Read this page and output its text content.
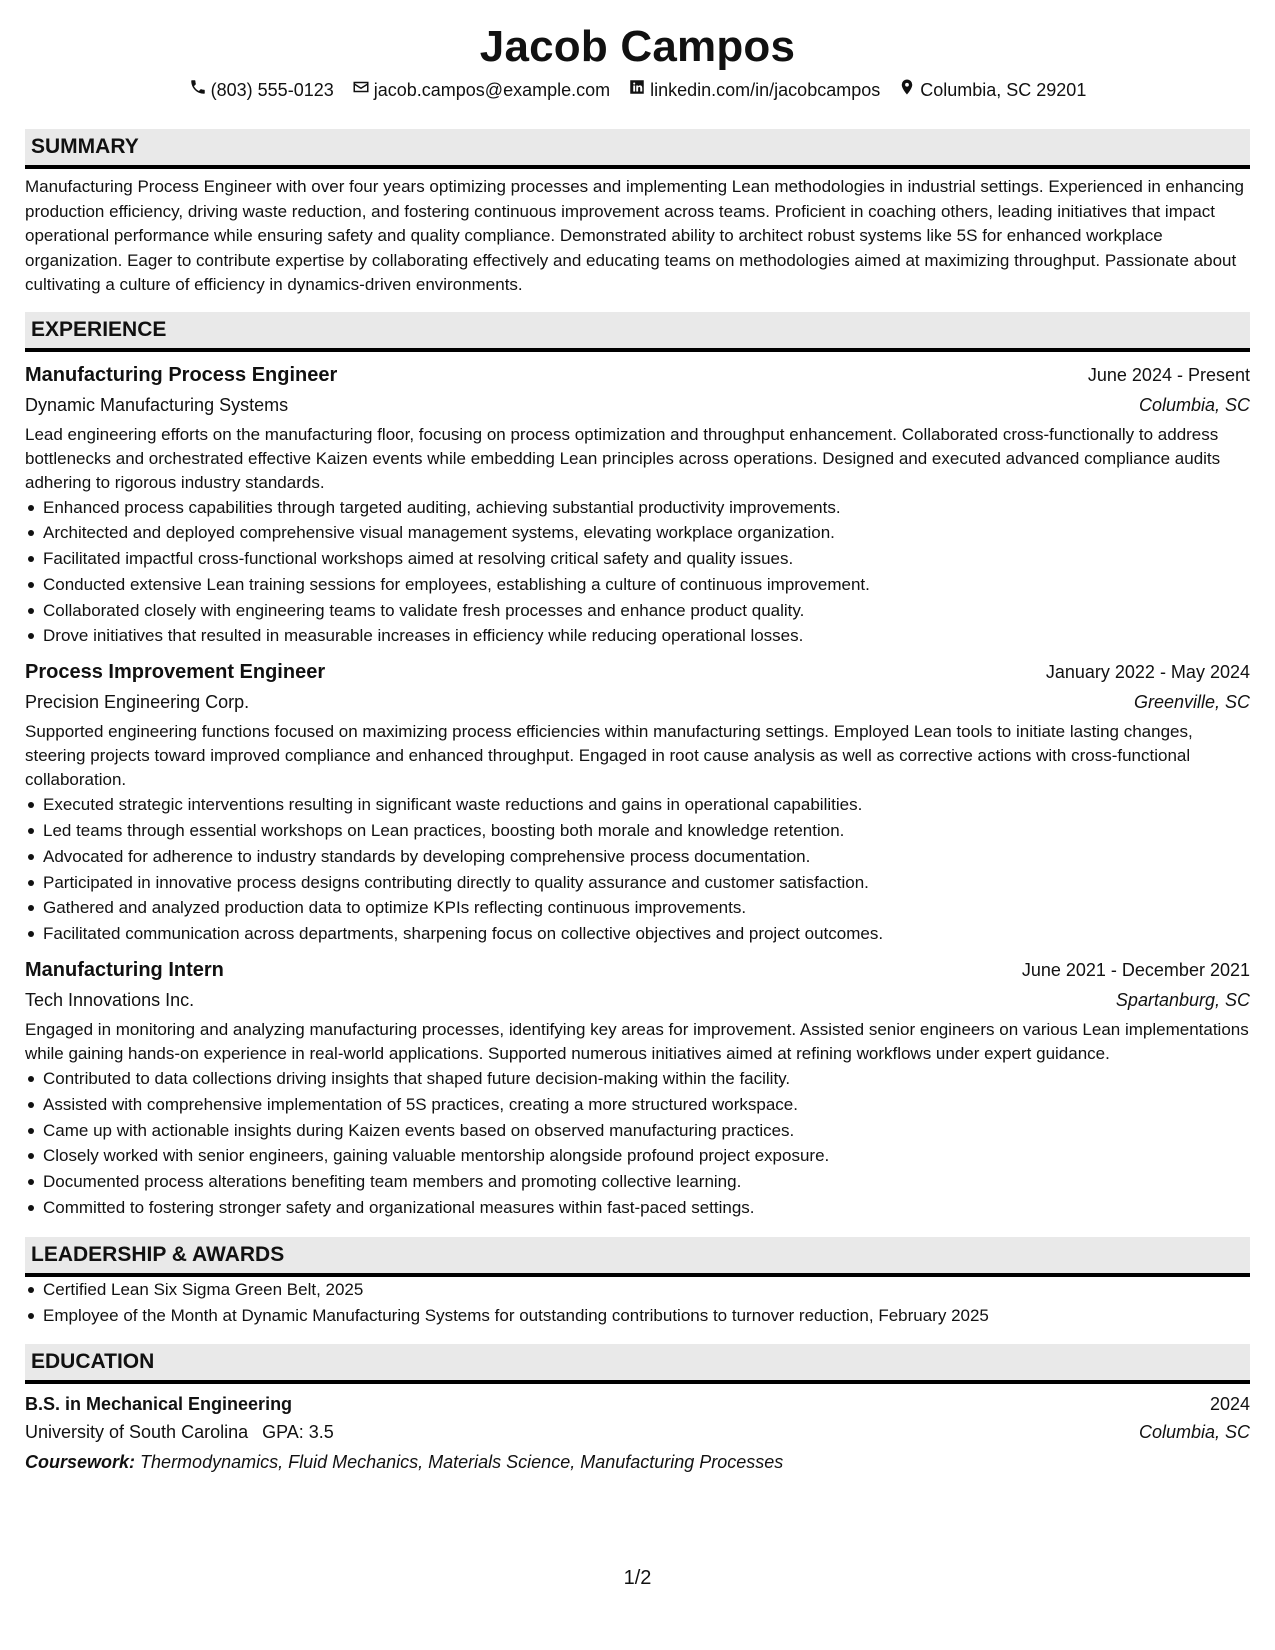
Jacob Campos
(803) 555-0123 jacob.campos@example.com linkedin.com/in/jacobcampos Columbia, SC 29201
SUMMARY
Manufacturing Process Engineer with over four years optimizing processes and implementing Lean methodologies in industrial settings. Experienced in enhancing production efficiency, driving waste reduction, and fostering continuous improvement across teams. Proficient in coaching others, leading initiatives that impact operational performance while ensuring safety and quality compliance. Demonstrated ability to architect robust systems like 5S for enhanced workplace organization. Eager to contribute expertise by collaborating effectively and educating teams on methodologies aimed at maximizing throughput. Passionate about cultivating a culture of efficiency in dynamics-driven environments.
EXPERIENCE
Manufacturing Process Engineer	June 2024 - Present
Dynamic Manufacturing Systems	Columbia, SC
Lead engineering efforts on the manufacturing floor, focusing on process optimization and throughput enhancement. Collaborated cross-functionally to address bottlenecks and orchestrated effective Kaizen events while embedding Lean principles across operations. Designed and executed advanced compliance audits adhering to rigorous industry standards.
Enhanced process capabilities through targeted auditing, achieving substantial productivity improvements.
Architected and deployed comprehensive visual management systems, elevating workplace organization.
Facilitated impactful cross-functional workshops aimed at resolving critical safety and quality issues.
Conducted extensive Lean training sessions for employees, establishing a culture of continuous improvement.
Collaborated closely with engineering teams to validate fresh processes and enhance product quality.
Drove initiatives that resulted in measurable increases in efficiency while reducing operational losses.
Process Improvement Engineer	January 2022 - May 2024
Precision Engineering Corp.	Greenville, SC
Supported engineering functions focused on maximizing process efficiencies within manufacturing settings. Employed Lean tools to initiate lasting changes, steering projects toward improved compliance and enhanced throughput. Engaged in root cause analysis as well as corrective actions with cross-functional collaboration.
Executed strategic interventions resulting in significant waste reductions and gains in operational capabilities.
Led teams through essential workshops on Lean practices, boosting both morale and knowledge retention.
Advocated for adherence to industry standards by developing comprehensive process documentation.
Participated in innovative process designs contributing directly to quality assurance and customer satisfaction.
Gathered and analyzed production data to optimize KPIs reflecting continuous improvements.
Facilitated communication across departments, sharpening focus on collective objectives and project outcomes.
Manufacturing Intern	June 2021 - December 2021
Tech Innovations Inc.	Spartanburg, SC
Engaged in monitoring and analyzing manufacturing processes, identifying key areas for improvement. Assisted senior engineers on various Lean implementations while gaining hands-on experience in real-world applications. Supported numerous initiatives aimed at refining workflows under expert guidance.
Contributed to data collections driving insights that shaped future decision-making within the facility.
Assisted with comprehensive implementation of 5S practices, creating a more structured workspace.
Came up with actionable insights during Kaizen events based on observed manufacturing practices.
Closely worked with senior engineers, gaining valuable mentorship alongside profound project exposure.
Documented process alterations benefiting team members and promoting collective learning.
Committed to fostering stronger safety and organizational measures within fast-paced settings.
LEADERSHIP & AWARDS
Certified Lean Six Sigma Green Belt, 2025
Employee of the Month at Dynamic Manufacturing Systems for outstanding contributions to turnover reduction, February 2025
EDUCATION
B.S. in Mechanical Engineering	2024
University of South Carolina GPA: 3.5	Columbia, SC
Coursework: Thermodynamics, Fluid Mechanics, Materials Science, Manufacturing Processes
1/2
